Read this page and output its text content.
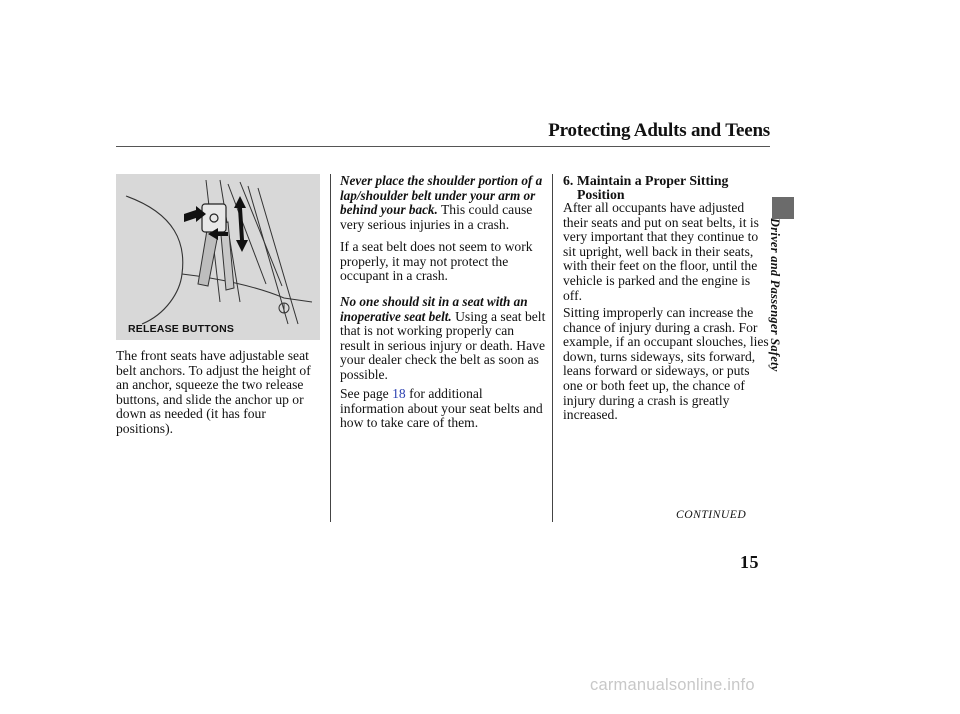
Protecting Adults and Teens
RELEASE BUTTONS

The front seats have adjustable seat belt anchors. To adjust the height of an anchor, squeeze the two release buttons, and slide the anchor up or down as needed (it has four positions).

Never place the shoulder portion of a lap/shoulder belt under your arm or behind your back. This could cause very serious injuries in a crash.

If a seat belt does not seem to work properly, it may not protect the occupant in a crash.

No one should sit in a seat with an inoperative seat belt. Using a seat belt that is not working properly can result in serious injury or death. Have your dealer check the belt as soon as possible.

See page 18 for additional information about your seat belts and how to take care of them.

6. Maintain a Proper Sitting
Position

After all occupants have adjusted their seats and put on seat belts, it is very important that they continue to sit upright, well back in their seats, with their feet on the floor, until the vehicle is parked and the engine is off.

Sitting improperly can increase the chance of injury during a crash. For example, if an occupant slouches, lies down, turns sideways, sits forward, leans forward or sideways, or puts one or both feet up, the chance of injury during a crash is greatly increased.

Driver and Passenger Safety
CONTINUED
15
carmanualsonline.info
